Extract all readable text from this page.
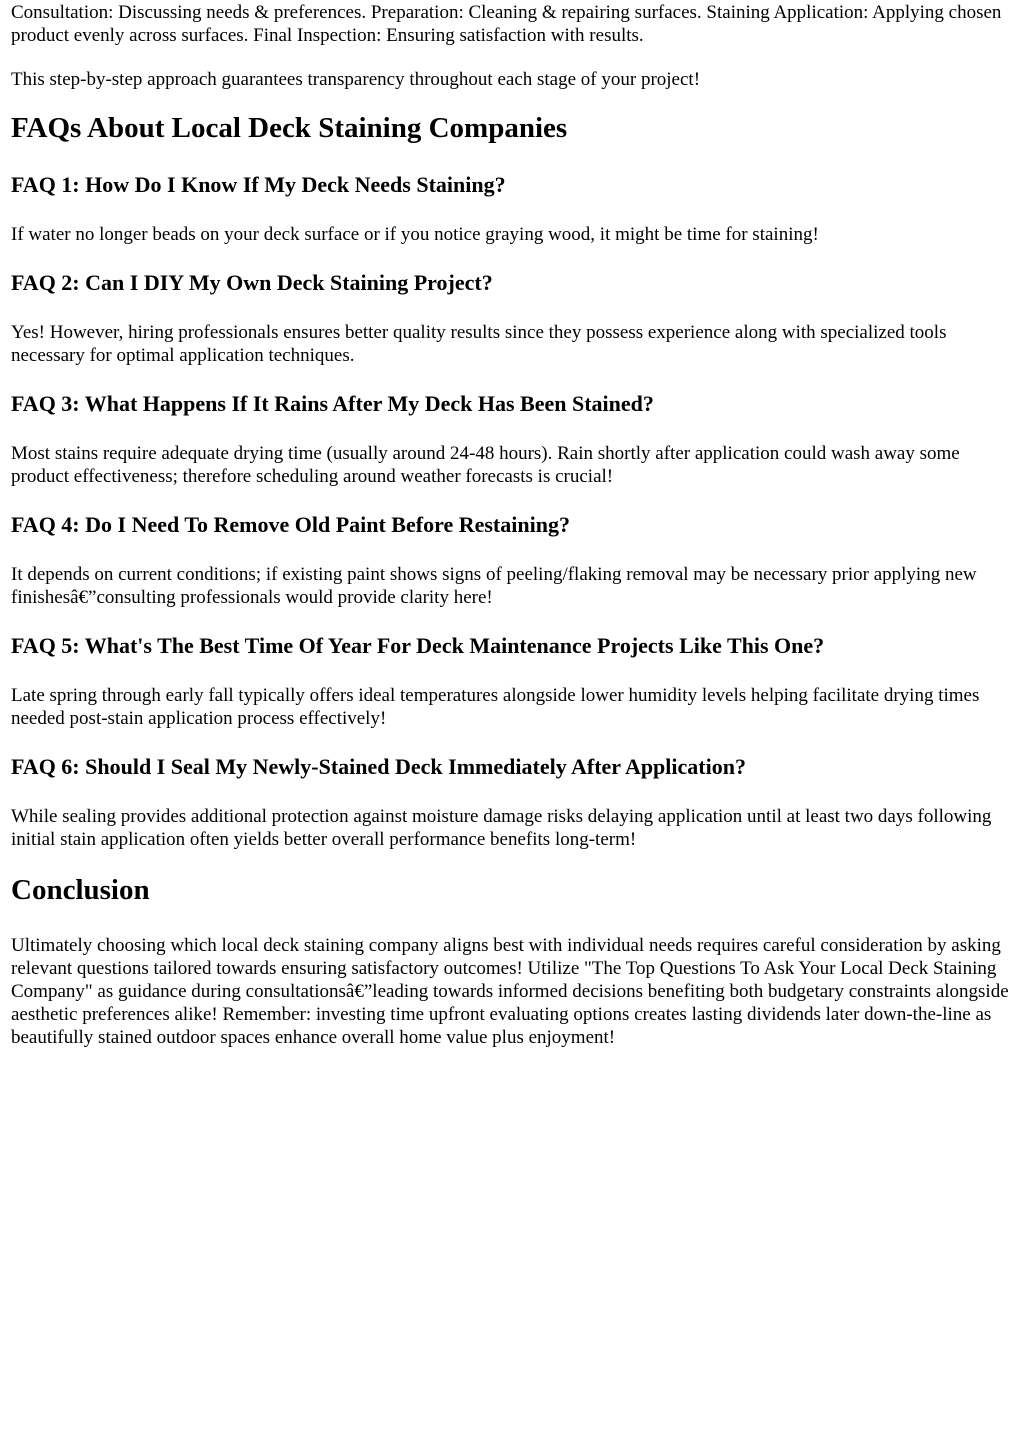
Consultation: Discussing needs & preferences. Preparation: Cleaning & repairing surfaces. Staining Application: Applying chosen product evenly across surfaces. Final Inspection: Ensuring satisfaction with results.

This step-by-step approach guarantees transparency throughout each stage of your project!

FAQs About Local Deck Staining Companies
FAQ 1: How Do I Know If My Deck Needs Staining?

If water no longer beads on your deck surface or if you notice graying wood, it might be time for staining!

FAQ 2: Can I DIY My Own Deck Staining Project?

Yes! However, hiring professionals ensures better quality results since they possess experience along with specialized tools necessary for optimal application techniques.

FAQ 3: What Happens If It Rains After My Deck Has Been Stained?

Most stains require adequate drying time (usually around 24-48 hours). Rain shortly after application could wash away some product effectiveness; therefore scheduling around weather forecasts is crucial!

FAQ 4: Do I Need To Remove Old Paint Before Restaining?

It depends on current conditions; if existing paint shows signs of peeling/flaking removal may be necessary prior applying new finishesâ€”consulting professionals would provide clarity here!

FAQ 5: What's The Best Time Of Year For Deck Maintenance Projects Like This One?

Late spring through early fall typically offers ideal temperatures alongside lower humidity levels helping facilitate drying times needed post-stain application process effectively!

FAQ 6: Should I Seal My Newly-Stained Deck Immediately After Application?

While sealing provides additional protection against moisture damage risks delaying application until at least two days following initial stain application often yields better overall performance benefits long-term!

Conclusion

Ultimately choosing which local deck staining company aligns best with individual needs requires careful consideration by asking relevant questions tailored towards ensuring satisfactory outcomes! Utilize "The Top Questions To Ask Your Local Deck Staining Company" as guidance during consultationsâ€”leading towards informed decisions benefiting both budgetary constraints alongside aesthetic preferences alike! Remember: investing time upfront evaluating options creates lasting dividends later down-the-line as beautifully stained outdoor spaces enhance overall home value plus enjoyment!
